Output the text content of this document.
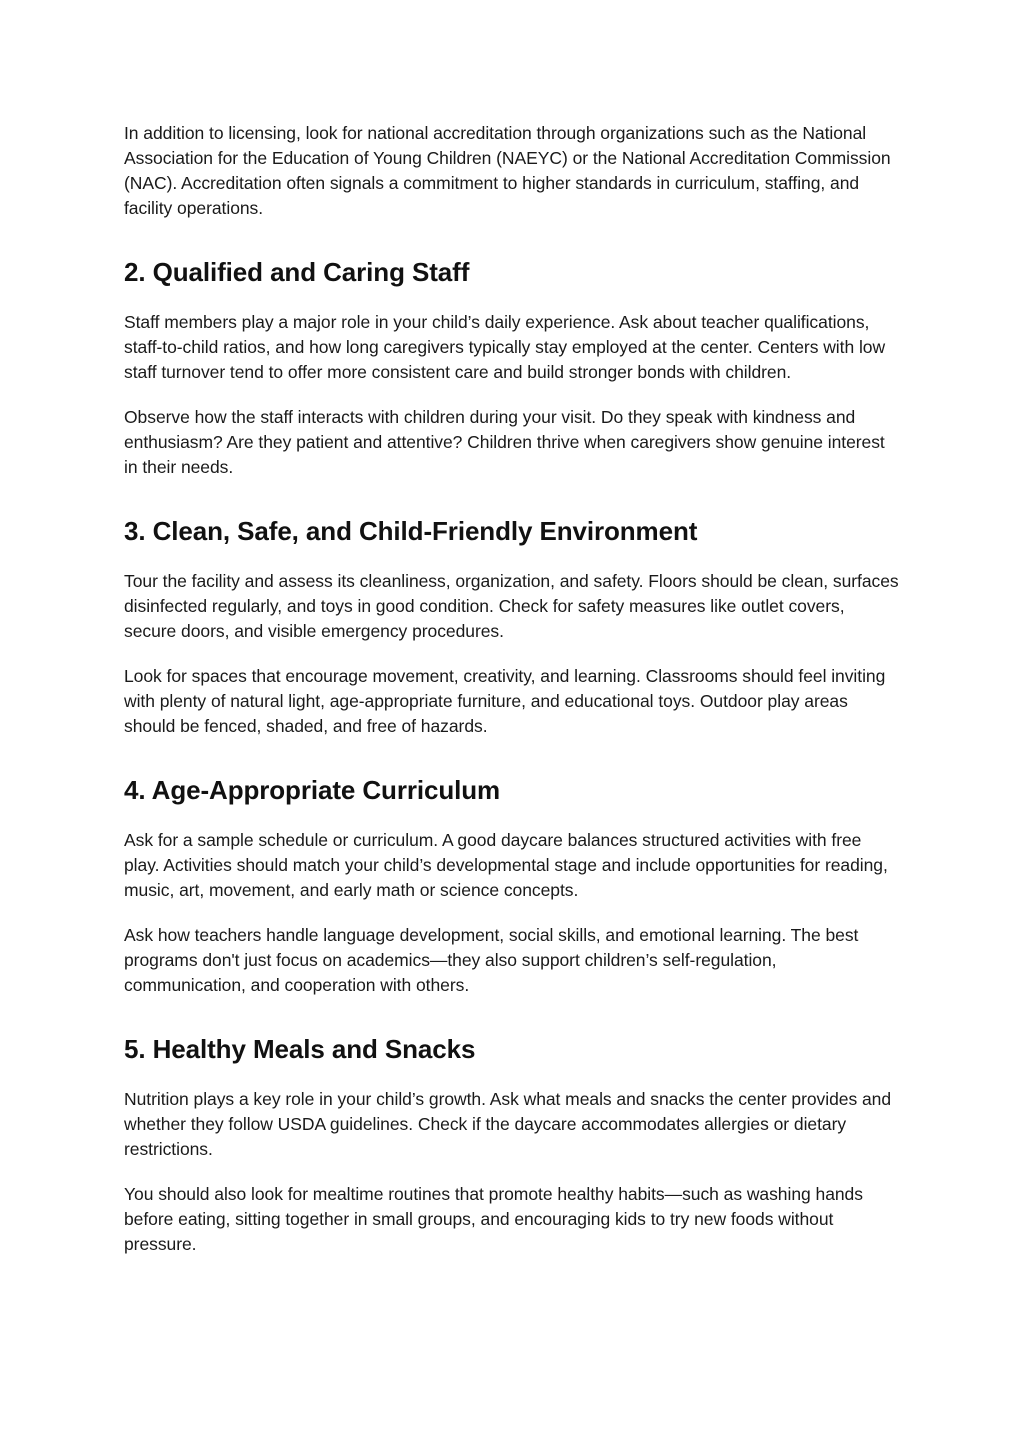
In addition to licensing, look for national accreditation through organizations such as the National Association for the Education of Young Children (NAEYC) or the National Accreditation Commission (NAC). Accreditation often signals a commitment to higher standards in curriculum, staffing, and facility operations.

2. Qualified and Caring Staff

Staff members play a major role in your child’s daily experience. Ask about teacher qualifications, staff-to-child ratios, and how long caregivers typically stay employed at the center. Centers with low staff turnover tend to offer more consistent care and build stronger bonds with children.

Observe how the staff interacts with children during your visit. Do they speak with kindness and enthusiasm? Are they patient and attentive? Children thrive when caregivers show genuine interest in their needs.

3. Clean, Safe, and Child-Friendly Environment

Tour the facility and assess its cleanliness, organization, and safety. Floors should be clean, surfaces disinfected regularly, and toys in good condition. Check for safety measures like outlet covers, secure doors, and visible emergency procedures.

Look for spaces that encourage movement, creativity, and learning. Classrooms should feel inviting with plenty of natural light, age-appropriate furniture, and educational toys. Outdoor play areas should be fenced, shaded, and free of hazards.

4. Age-Appropriate Curriculum

Ask for a sample schedule or curriculum. A good daycare balances structured activities with free play. Activities should match your child’s developmental stage and include opportunities for reading, music, art, movement, and early math or science concepts.

Ask how teachers handle language development, social skills, and emotional learning. The best programs don't just focus on academics—they also support children’s self-regulation, communication, and cooperation with others.

5. Healthy Meals and Snacks

Nutrition plays a key role in your child’s growth. Ask what meals and snacks the center provides and whether they follow USDA guidelines. Check if the daycare accommodates allergies or dietary restrictions.

You should also look for mealtime routines that promote healthy habits—such as washing hands before eating, sitting together in small groups, and encouraging kids to try new foods without pressure.
